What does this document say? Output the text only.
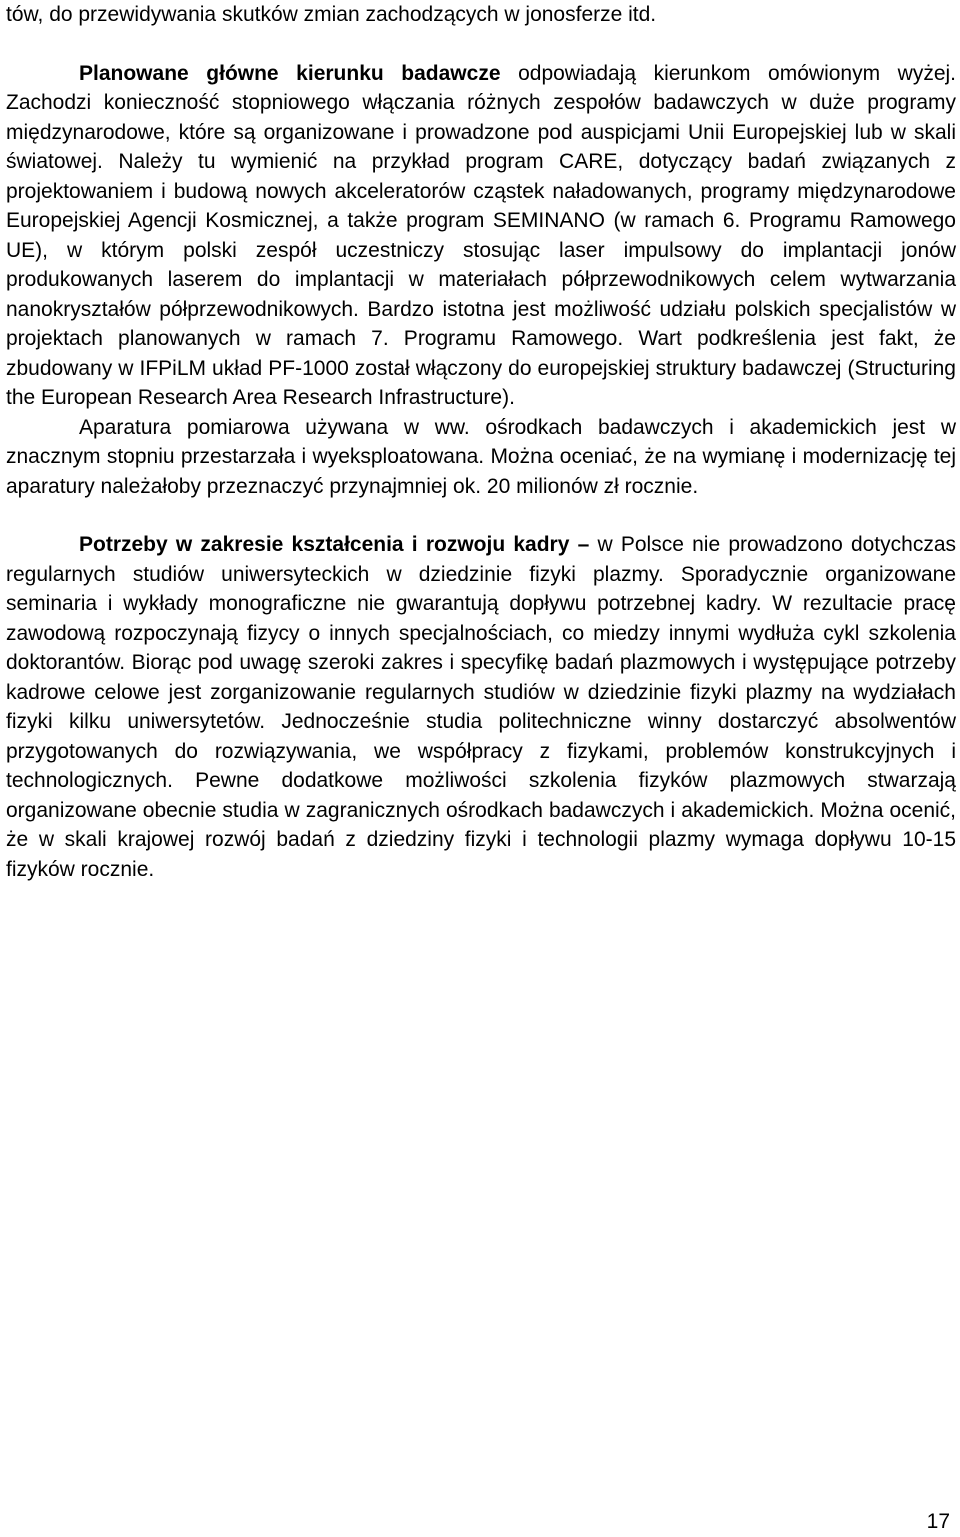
tów, do przewidywania skutków zmian zachodzących w jonosferze itd.

Planowane główne kierunku badawcze odpowiadają kierunkom omówionym wyżej. Zachodzi konieczność stopniowego włączania różnych zespołów badawczych w duże programy międzynarodowe, które są organizowane i prowadzone pod auspicjami Unii Europejskiej lub w skali światowej. Należy tu wymienić na przykład program CARE, dotyczący badań związanych z projektowaniem i budową nowych akceleratorów cząstek naładowanych, programy międzynarodowe Europejskiej Agencji Kosmicznej, a także program SEMINANO (w ramach 6. Programu Ramowego UE), w którym polski zespół uczestniczy stosując laser impulsowy do implantacji jonów produkowanych laserem do implantacji w materiałach półprzewodnikowych celem wytwarzania nanokryształów półprzewodnikowych. Bardzo istotna jest możliwość udziału polskich specjalistów w projektach planowanych w ramach 7. Programu Ramowego. Wart podkreślenia jest fakt, że zbudowany w IFPiLM układ PF-1000 został włączony do europejskiej struktury badawczej (Structuring the European Research Area Research Infrastructure).

Aparatura pomiarowa używana w ww. ośrodkach badawczych i akademickich jest w znacznym stopniu przestarzała i wyeksploatowana. Można oceniać, że na wymianę i modernizację tej aparatury należałoby przeznaczyć przynajmniej ok. 20 milionów zł rocznie.

Potrzeby w zakresie kształcenia i rozwoju kadry – w Polsce nie prowadzono dotychczas regularnych studiów uniwersyteckich w dziedzinie fizyki plazmy. Sporadycznie organizowane seminaria i wykłady monograficzne nie gwarantują dopływu potrzebnej kadry. W rezultacie pracę zawodową rozpoczynają fizycy o innych specjalnościach, co miedzy innymi wydłuża cykl szkolenia doktorantów. Biorąc pod uwagę szeroki zakres i specyfikę badań plazmowych i występujące potrzeby kadrowe celowe jest zorganizowanie regularnych studiów w dziedzinie fizyki plazmy na wydziałach fizyki kilku uniwersytetów. Jednocześnie studia politechniczne winny dostarczyć absolwentów przygotowanych do rozwiązywania, we współpracy z fizykami, problemów konstrukcyjnych i technologicznych. Pewne dodatkowe możliwości szkolenia fizyków plazmowych stwarzają organizowane obecnie studia w zagranicznych ośrodkach badawczych i akademickich. Można ocenić, że w skali krajowej rozwój badań z dziedziny fizyki i technologii plazmy wymaga dopływu 10-15 fizyków rocznie.

17
